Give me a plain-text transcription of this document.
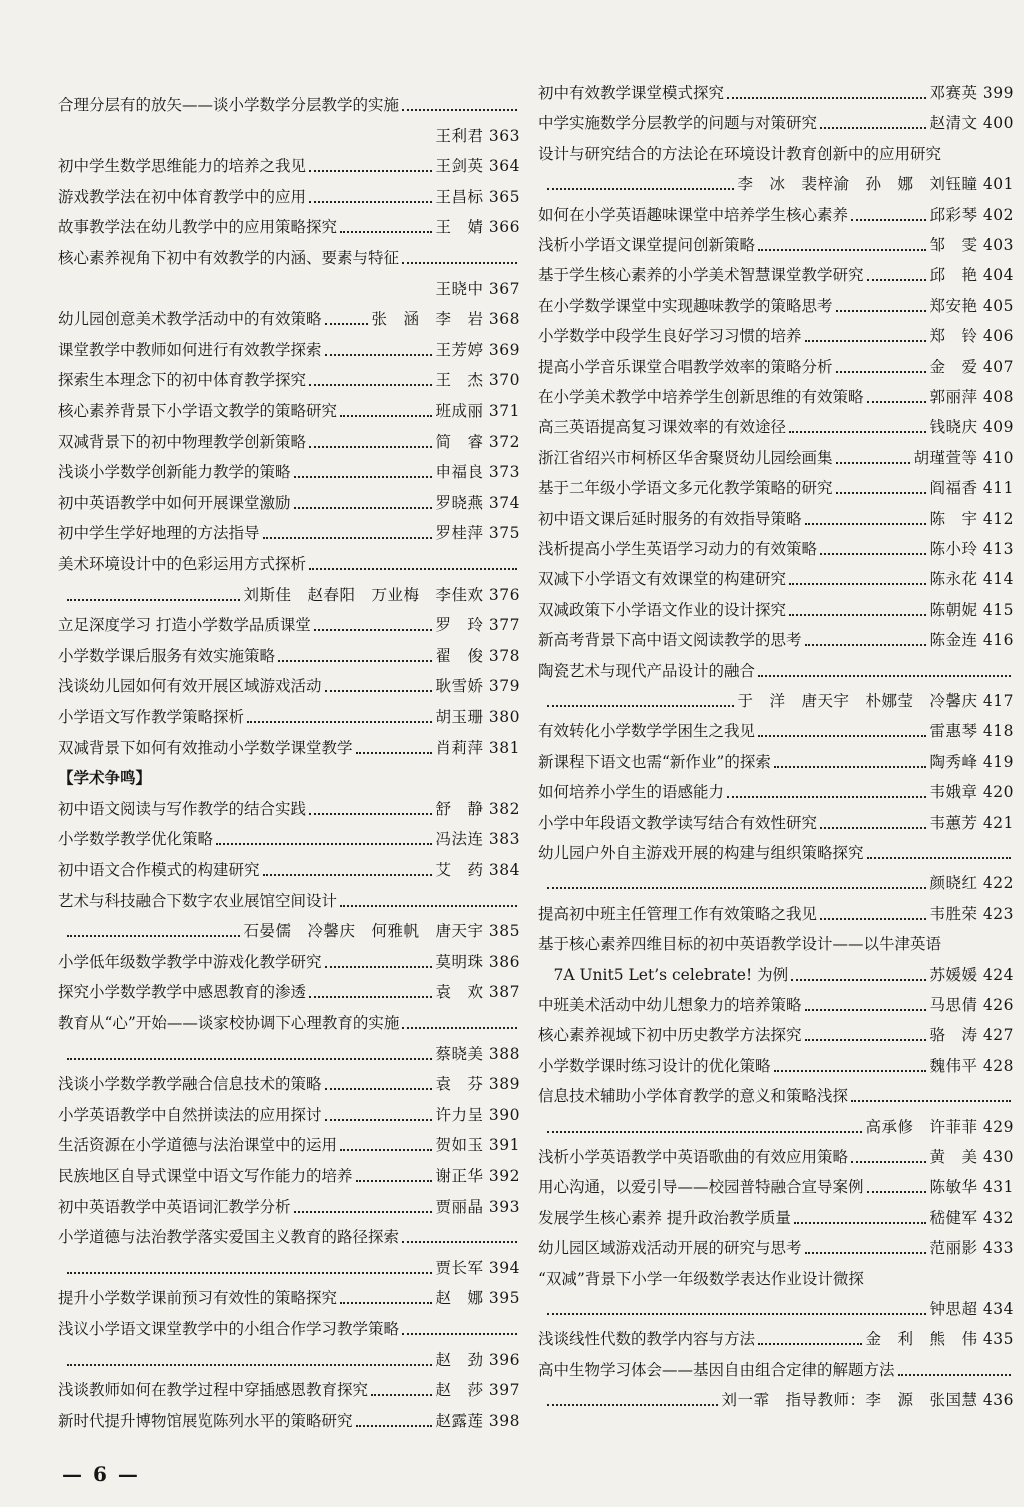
合理分层有的放矢——谈小学数学分层教学的实施
王利君 363
初中学生数学思维能力的培养之我见	王剑英 364
游戏教学法在初中体育教学中的应用	王昌标 365
故事教学法在幼儿教学中的应用策略探究	王　婧 366
核心素养视角下初中有效教学的内涵、要素与特征
王晓中 367
幼儿园创意美术教学活动中的有效策略	张　涵　李　岩 368
课堂教学中教师如何进行有效教学探索	王芳婷 369
探索生本理念下的初中体育教学探究	王　杰 370
核心素养背景下小学语文教学的策略研究	班成丽 371
双减背景下的初中物理教学创新策略	简　睿 372
浅谈小学数学创新能力教学的策略	申福良 373
初中英语教学中如何开展课堂激励	罗晓燕 374
初中学生学好地理的方法指导	罗桂萍 375
美术环境设计中的色彩运用方式探析
刘斯佳　赵春阳　万业梅　李佳欢 376
立足深度学习 打造小学数学品质课堂	罗　玲 377
小学数学课后服务有效实施策略	翟　俊 378
浅谈幼儿园如何有效开展区域游戏活动	耿雪娇 379
小学语文写作教学策略探析	胡玉珊 380
双减背景下如何有效推动小学数学课堂教学	肖莉萍 381
【学术争鸣】
初中语文阅读与写作教学的结合实践	舒　静 382
小学数学教学优化策略	冯法连 383
初中语文合作模式的构建研究	艾　药 384
艺术与科技融合下数字农业展馆空间设计
石晏儒　冷馨庆　何雅帆　唐天宇 385
小学低年级数学教学中游戏化教学研究	莫明珠 386
探究小学数学教学中感恩教育的渗透	袁　欢 387
教育从“心”开始——谈家校协调下心理教育的实施
蔡晓美 388
浅谈小学数学教学融合信息技术的策略	袁　芬 389
小学英语教学中自然拼读法的应用探讨	许力呈 390
生活资源在小学道德与法治课堂中的运用	贺如玉 391
民族地区自导式课堂中语文写作能力的培养	谢正华 392
初中英语教学中英语词汇教学分析	贾丽晶 393
小学道德与法治教学落实爱国主义教育的路径探索
贾长军 394
提升小学数学课前预习有效性的策略探究	赵　娜 395
浅议小学语文课堂教学中的小组合作学习教学策略
赵　劲 396
浅谈教师如何在教学过程中穿插感恩教育探究	赵　莎 397
新时代提升博物馆展览陈列水平的策略研究	赵露莲 398
初中有效教学课堂模式探究	邓赛英 399
中学实施数学分层教学的问题与对策研究	赵清文 400
设计与研究结合的方法论在环境设计教育创新中的应用研究
李　冰　裴梓渝　孙　娜　刘钰瞳 401
如何在小学英语趣味课堂中培养学生核心素养	邱彩琴 402
浅析小学语文课堂提问创新策略	邹　雯 403
基于学生核心素养的小学美术智慧课堂教学研究	邱　艳 404
在小学数学课堂中实现趣味教学的策略思考	郑安艳 405
小学数学中段学生良好学习习惯的培养	郑　铃 406
提高小学音乐课堂合唱教学效率的策略分析	金　爱 407
在小学美术教学中培养学生创新思维的有效策略	郭丽萍 408
高三英语提高复习课效率的有效途径	钱晓庆 409
浙江省绍兴市柯桥区华舍聚贤幼儿园绘画集	胡瑾萱等 410
基于二年级小学语文多元化教学策略的研究	阎福香 411
初中语文课后延时服务的有效指导策略	陈　宇 412
浅析提高小学生英语学习动力的有效策略	陈小玲 413
双减下小学语文有效课堂的构建研究	陈永花 414
双减政策下小学语文作业的设计探究	陈朝妮 415
新高考背景下高中语文阅读教学的思考	陈金连 416
陶瓷艺术与现代产品设计的融合
于　洋　唐天宇　朴娜莹　冷馨庆 417
有效转化小学数学学困生之我见	雷惠琴 418
新课程下语文也需“新作业”的探索	陶秀峰 419
如何培养小学生的语感能力	韦娥章 420
小学中年段语文教学读写结合有效性研究	韦蕙芳 421
幼儿园户外自主游戏开展的构建与组织策略探究
颜晓红 422
提高初中班主任管理工作有效策略之我见	韦胜荣 423
基于核心素养四维目标的初中英语教学设计——以牛津英语
　7A Unit5 Let’s celebrate! 为例	苏媛媛 424
中班美术活动中幼儿想象力的培养策略	马思倩 426
核心素养视域下初中历史教学方法探究	骆　涛 427
小学数学课时练习设计的优化策略	魏伟平 428
信息技术辅助小学体育教学的意义和策略浅探
高承修　许菲菲 429
浅析小学英语教学中英语歌曲的有效应用策略	黄　美 430
用心沟通，以爱引导——校园普特融合宣导案例	陈敏华 431
发展学生核心素养 提升政治教学质量	嵇健军 432
幼儿园区域游戏活动开展的研究与思考	范丽影 433
“双减”背景下小学一年级数学表达作业设计微探
钟思超 434
浅谈线性代数的教学内容与方法	金　利　熊　伟 435
高中生物学习体会——基因自由组合定律的解题方法
刘一霏　指导教师：李　源　张国慧 436
— 6 —
